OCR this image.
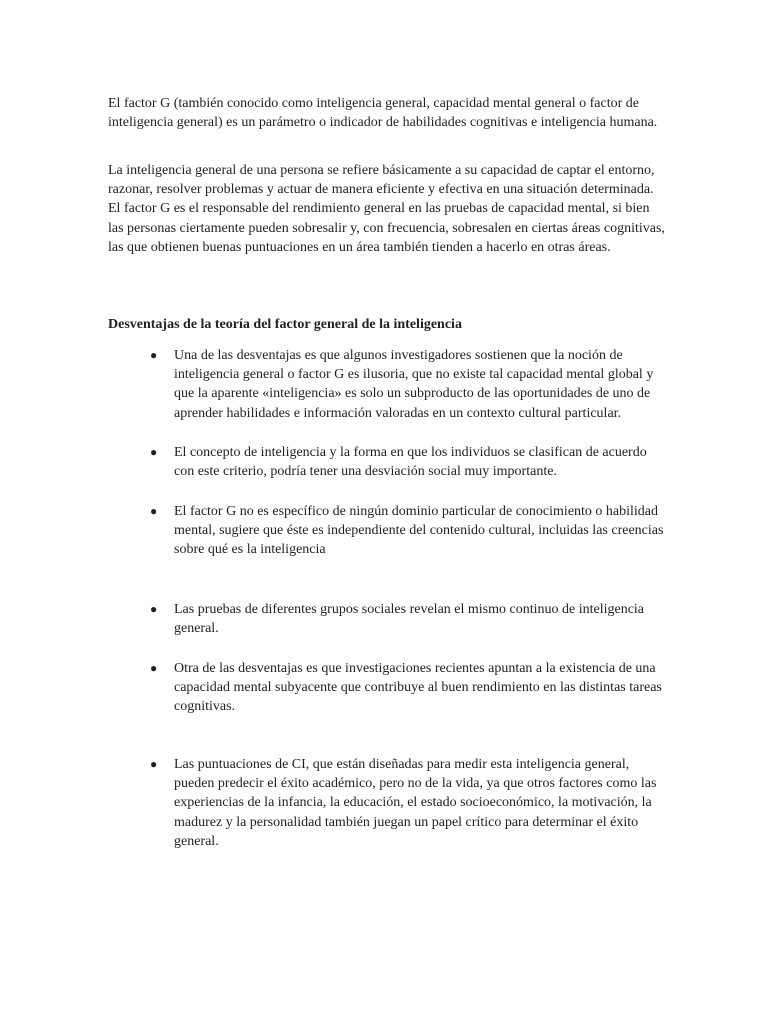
El factor G (también conocido como inteligencia general, capacidad mental general o factor de inteligencia general) es un parámetro o indicador de habilidades cognitivas e inteligencia humana.

La inteligencia general de una persona se refiere básicamente a su capacidad de captar el entorno, razonar, resolver problemas y actuar de manera eficiente y efectiva en una situación determinada. El factor G es el responsable del rendimiento general en las pruebas de capacidad mental, si bien las personas ciertamente pueden sobresalir y, con frecuencia, sobresalen en ciertas áreas cognitivas, las que obtienen buenas puntuaciones en un área también tienden a hacerlo en otras áreas.

Desventajas de la teoría del factor general de la inteligencia
● Una de las desventajas es que algunos investigadores sostienen que la noción de inteligencia general o factor G es ilusoria, que no existe tal capacidad mental global y que la aparente «inteligencia» es solo un subproducto de las oportunidades de uno de aprender habilidades e información valoradas en un contexto cultural particular.
● El concepto de inteligencia y la forma en que los individuos se clasifican de acuerdo con este criterio, podría tener una desviación social muy importante.
● El factor G no es específico de ningún dominio particular de conocimiento o habilidad mental, sugiere que éste es independiente del contenido cultural, incluidas las creencias sobre qué es la inteligencia
● Las pruebas de diferentes grupos sociales revelan el mismo continuo de inteligencia general.
● Otra de las desventajas es que investigaciones recientes apuntan a la existencia de una capacidad mental subyacente que contribuye al buen rendimiento en las distintas tareas cognitivas.
● Las puntuaciones de CI, que están diseñadas para medir esta inteligencia general, pueden predecir el éxito académico, pero no de la vida, ya que otros factores como las experiencias de la infancia, la educación, el estado socioeconómico, la motivación, la madurez y la personalidad también juegan un papel crítico para determinar el éxito general.
